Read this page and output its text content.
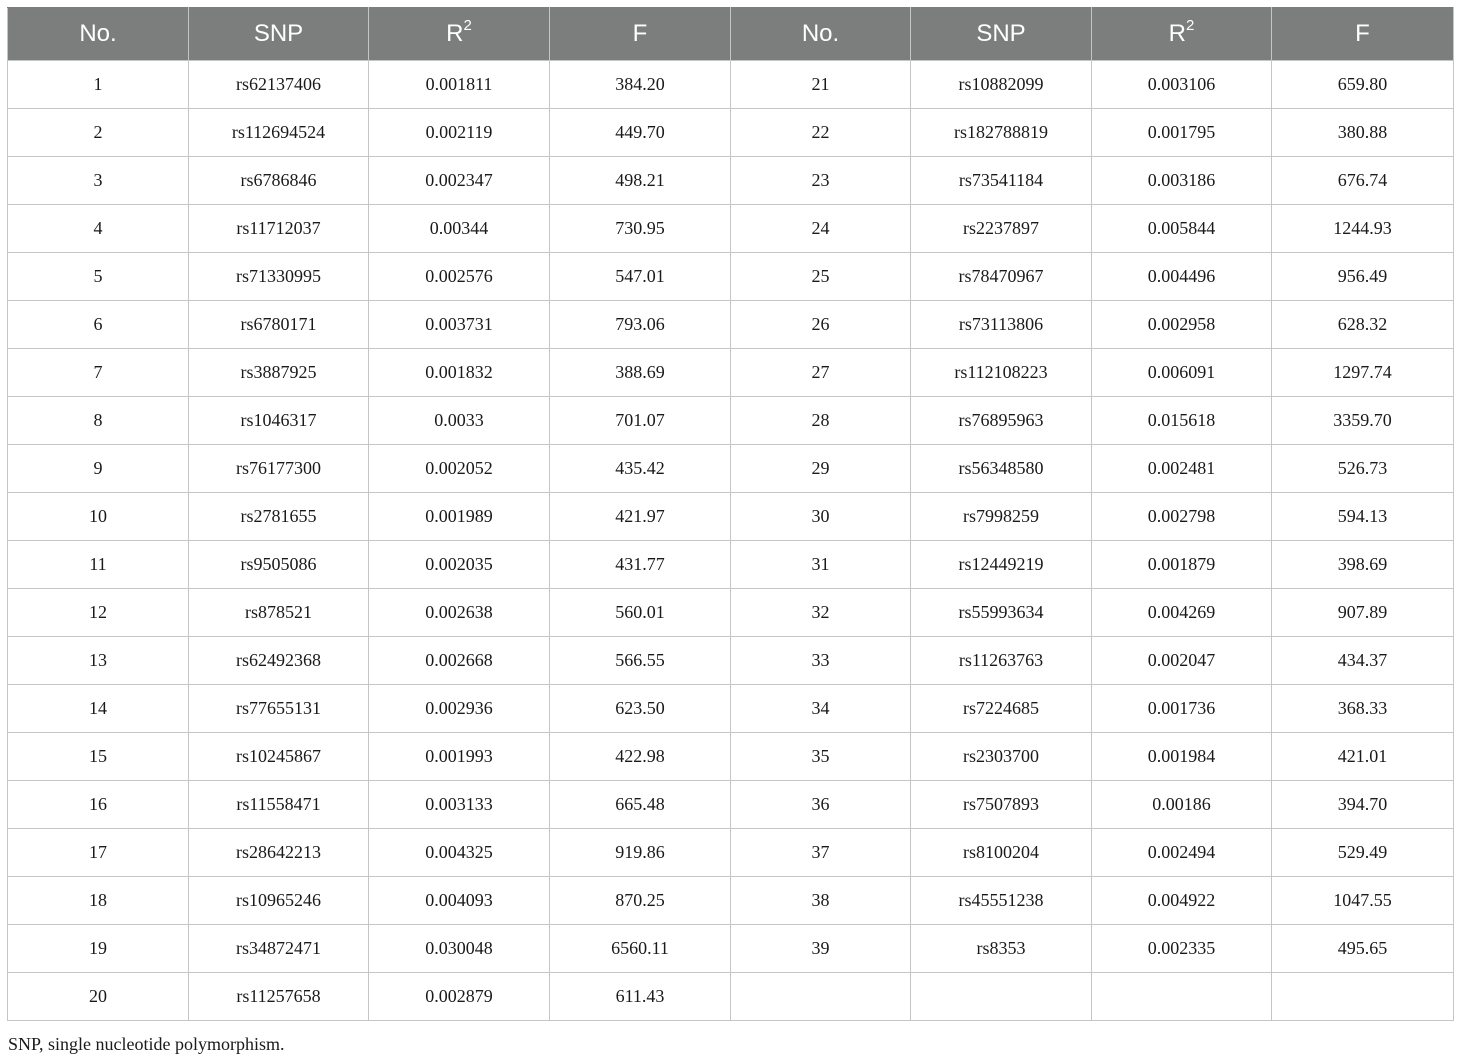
No.	SNP	$R^2$	F	No.	SNP	$R^2$	F
1	rs62137406	0.001811	384.20	21	rs10882099	0.003106	659.80
2	rs112694524	0.002119	449.70	22	rs182788819	0.001795	380.88
3	rs6786846	0.002347	498.21	23	rs73541184	0.003186	676.74
4	rs11712037	0.00344	730.95	24	rs2237897	0.005844	1244.93
5	rs71330995	0.002576	547.01	25	rs78470967	0.004496	956.49
6	rs6780171	0.003731	793.06	26	rs73113806	0.002958	628.32
7	rs3887925	0.001832	388.69	27	rs112108223	0.006091	1297.74
8	rs1046317	0.0033	701.07	28	rs76895963	0.015618	3359.70
9	rs76177300	0.002052	435.42	29	rs56348580	0.002481	526.73
10	rs2781655	0.001989	421.97	30	rs7998259	0.002798	594.13
11	rs9505086	0.002035	431.77	31	rs12449219	0.001879	398.69
12	rs878521	0.002638	560.01	32	rs55993634	0.004269	907.89
13	rs62492368	0.002668	566.55	33	rs11263763	0.002047	434.37
14	rs77655131	0.002936	623.50	34	rs7224685	0.001736	368.33
15	rs10245867	0.001993	422.98	35	rs2303700	0.001984	421.01
16	rs11558471	0.003133	665.48	36	rs7507893	0.00186	394.70
17	rs28642213	0.004325	919.86	37	rs8100204	0.002494	529.49
18	rs10965246	0.004093	870.25	38	rs45551238	0.004922	1047.55
19	rs34872471	0.030048	6560.11	39	rs8353	0.002335	495.65
20	rs11257658	0.002879	611.43				

SNP, single nucleotide polymorphism.
